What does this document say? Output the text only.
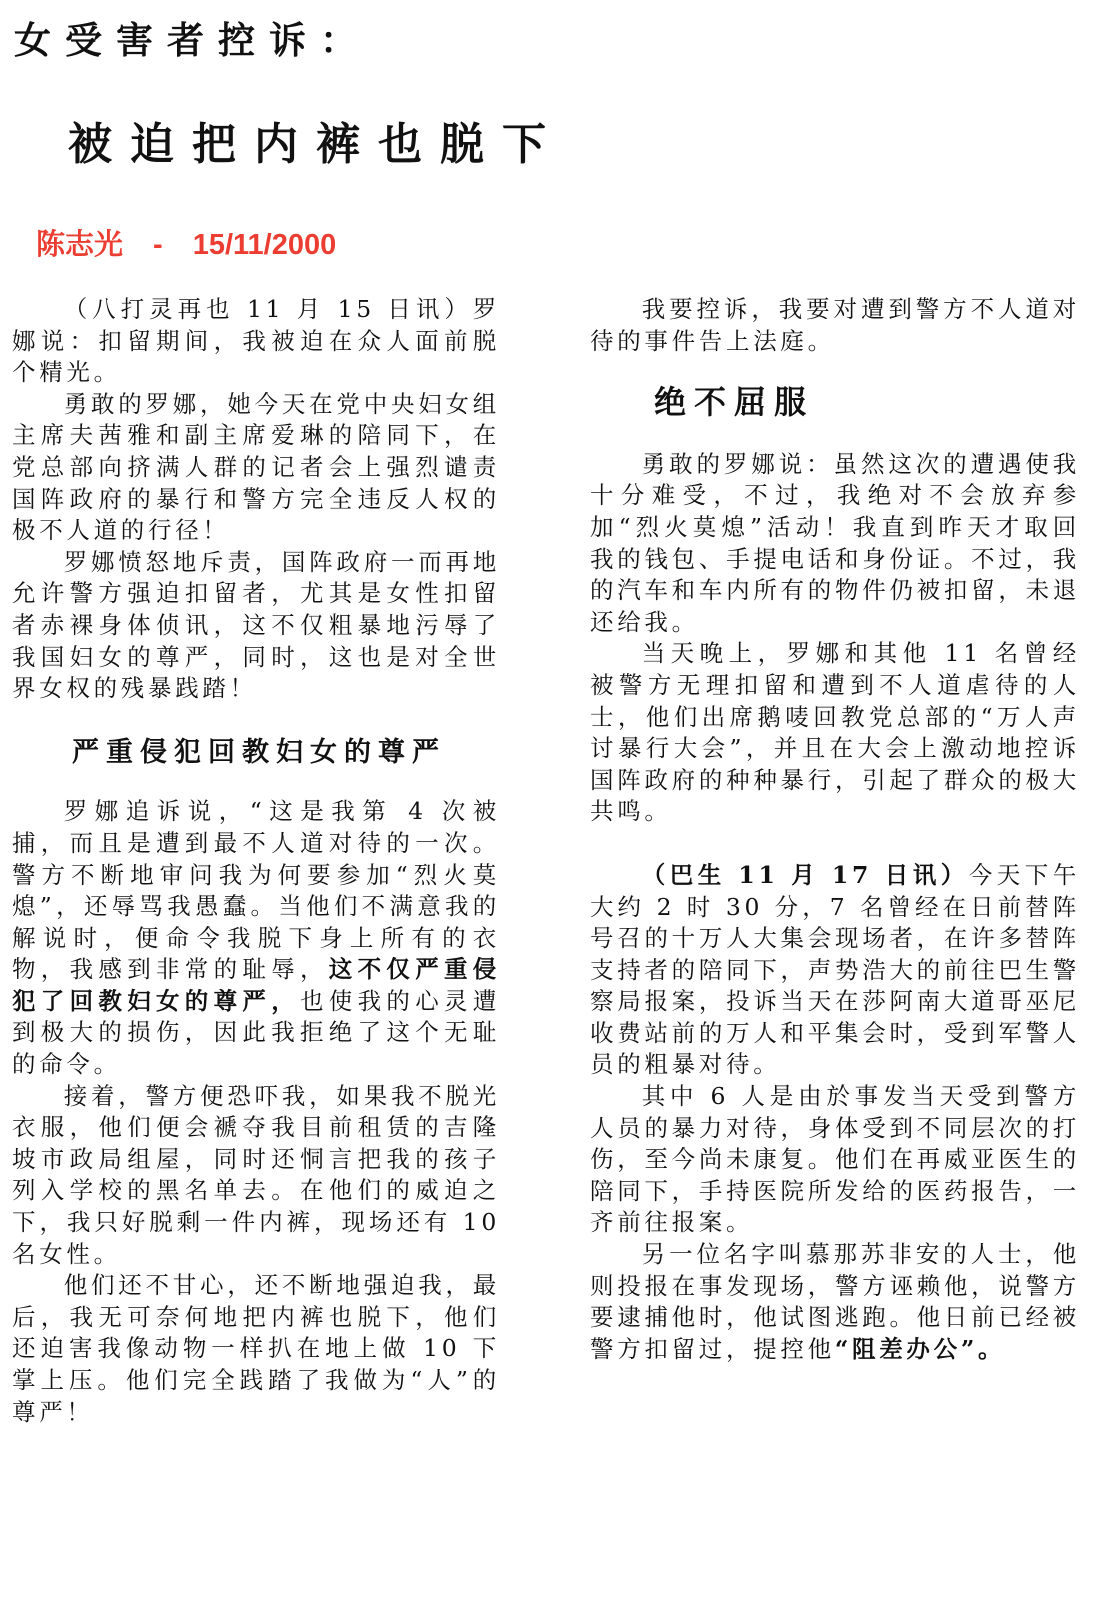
女受害者控诉：
被迫把内裤也脱下
陈志光 - 15/11/2000

（八打灵再也 11 月 15 日讯）罗娜说：扣留期间，我被迫在众人面前脱个精光。

勇敢的罗娜，她今天在党中央妇女组主席夫茜雅和副主席爱琳的陪同下，在党总部向挤满人群的记者会上强烈谴责国阵政府的暴行和警方完全违反人权的极不人道的行径！

罗娜愤怒地斥责，国阵政府一而再地允许警方强迫扣留者，尤其是女性扣留者赤裸身体侦讯，这不仅粗暴地污辱了我国妇女的尊严，同时，这也是对全世界女权的残暴践踏！

严重侵犯回教妇女的尊严

罗娜追诉说，“这是我第 4 次被捕，而且是遭到最不人道对待的一次。警方不断地审问我为何要参加“烈火莫熄”，还辱骂我愚蠢。当他们不满意我的解说时，便命令我脱下身上所有的衣物，我感到非常的耻辱，这不仅严重侵犯了回教妇女的尊严，也使我的心灵遭到极大的损伤，因此我拒绝了这个无耻的命令。

接着，警方便恐吓我，如果我不脱光衣服，他们便会褫夺我目前租赁的吉隆坡市政局组屋，同时还恫言把我的孩子列入学校的黑名单去。在他们的威迫之下，我只好脱剩一件内裤，现场还有 10 名女性。

他们还不甘心，还不断地强迫我，最后，我无可奈何地把内裤也脱下，他们还迫害我像动物一样扒在地上做 10 下掌上压。他们完全践踏了我做为“人”的尊严！

我要控诉，我要对遭到警方不人道对待的事件告上法庭。

绝不屈服

勇敢的罗娜说：虽然这次的遭遇使我十分难受，不过，我绝对不会放弃参加“烈火莫熄”活动！我直到昨天才取回我的钱包、手提电话和身份证。不过，我的汽车和车内所有的物件仍被扣留，未退还给我。

当天晚上，罗娜和其他 11 名曾经被警方无理扣留和遭到不人道虐待的人士，他们出席鹅唛回教党总部的“万人声讨暴行大会”，并且在大会上激动地控诉国阵政府的种种暴行，引起了群众的极大共鸣。

（巴生 11 月 17 日讯）今天下午大约 2 时 30 分，7 名曾经在日前替阵号召的十万人大集会现场者，在许多替阵支持者的陪同下，声势浩大的前往巴生警察局报案，投诉当天在莎阿南大道哥巫尼收费站前的万人和平集会时，受到军警人员的粗暴对待。

其中 6 人是由於事发当天受到警方人员的暴力对待，身体受到不同层次的打伤，至今尚未康复。他们在再威亚医生的陪同下，手持医院所发给的医药报告，一齐前往报案。

另一位名字叫慕那苏非安的人士，他则投报在事发现场，警方诬赖他，说警方要逮捕他时，他试图逃跑。他日前已经被警方扣留过，提控他“阻差办公”。
